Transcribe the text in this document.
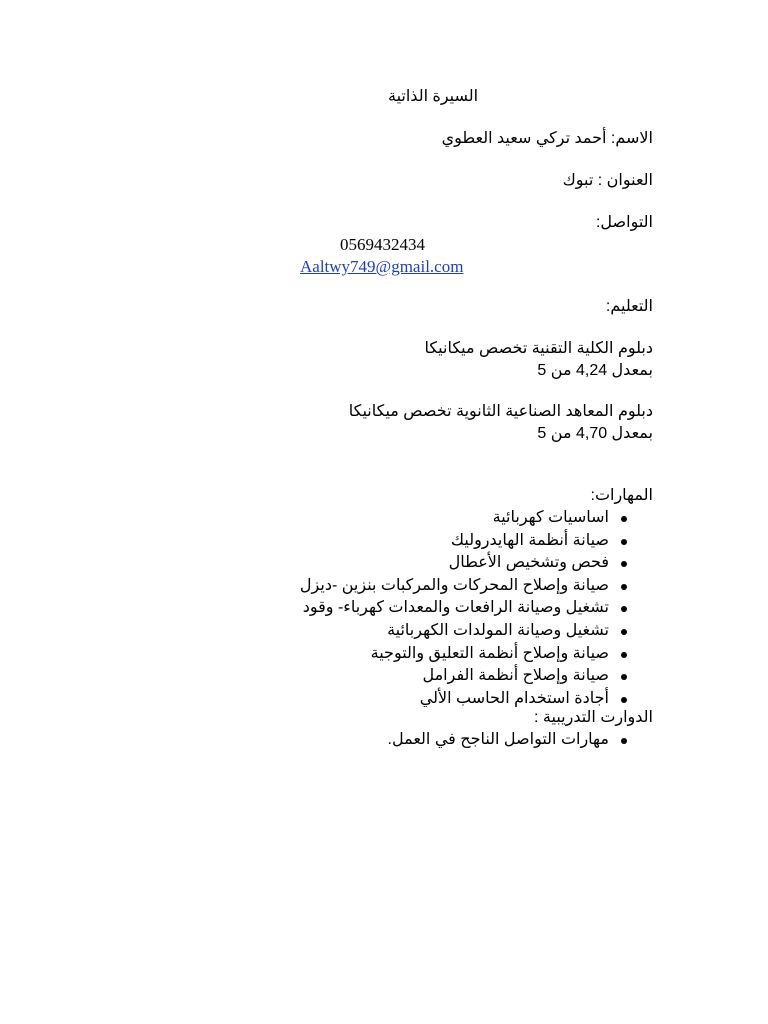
السيرة الذاتية
الاسم: أحمد تركي سعيد العطوي
العنوان : تبوك
التواصل:
0569432434
Aaltwy749@gmail.com
التعليم:
دبلوم الكلية التقنية تخصص ميكانيكا
بمعدل 4,24 من 5
دبلوم المعاهد الصناعية الثانوية تخصص ميكانيكا
بمعدل 4,70 من 5
المهارات:
اساسيات كهربائية
صيانة أنظمة الهايدروليك
فحص وتشخيص الأعطال
صيانة وإصلاح المحركات والمركبات بنزين -ديزل
تشغيل وصيانة الرافعات والمعدات كهرباء- وقود
تشغيل وصيانة المولدات الكهربائية
صيانة وإصلاح أنظمة التعليق والتوجية
صيانة وإصلاح أنظمة الفرامل
أجادة استخدام الحاسب الألي
الدوارت التدريبية :
مهارات التواصل الناجح في العمل.
